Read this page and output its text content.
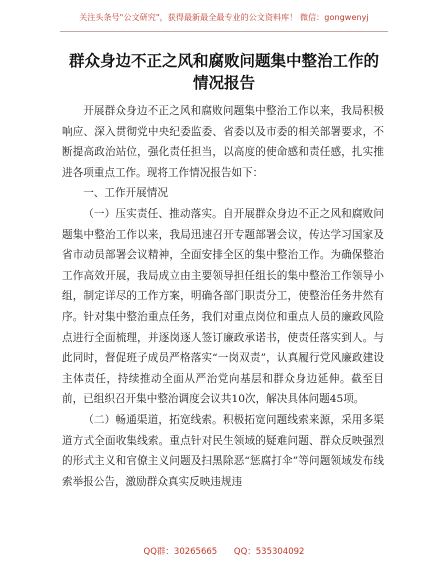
关注头条号"公文研究"，获得最新最全最专业的公文资料库！ 微信：gongwenyj
群众身边不正之风和腐败问题集中整治工作的
情况报告

开展群众身边不正之风和腐败问题集中整治工作以来，我局积极响应、深入贯彻党中央纪委监委、省委以及市委的相关部署要求，不断提高政治站位，强化责任担当，以高度的使命感和责任感，扎实推进各项重点工作。现将工作情况报告如下：

一、工作开展情况

（一）压实责任、推动落实。自开展群众身边不正之风和腐败问题集中整治工作以来，我局迅速召开专题部署会议，传达学习国家及省市动员部署会议精神，全面安排全区的集中整治工作。为确保整治工作高效开展，我局成立由主要领导担任组长的集中整治工作领导小组，制定详尽的工作方案，明确各部门职责分工，使整治任务井然有序。针对集中整治重点任务，我们对重点岗位和重点人员的廉政风险点进行全面梳理，并逐岗逐人签订廉政承诺书，使责任落实到人。与此同时，督促班子成员严格落实“一岗双责”，认真履行党风廉政建设主体责任，持续推动全面从严治党向基层和群众身边延伸。截至目前，已组织召开集中整治调度会议共10次，解决具体问题45项。

（二）畅通渠道，拓宽线索。积极拓宽问题线索来源，采用多渠道方式全面收集线索。重点针对民生领域的疑难问题、群众反映强烈的形式主义和官僚主义问题及扫黑除恶“惩腐打伞”等问题领域发布线索举报公告，激励群众真实反映违规违

QQ群：30265665 QQ：535304092
